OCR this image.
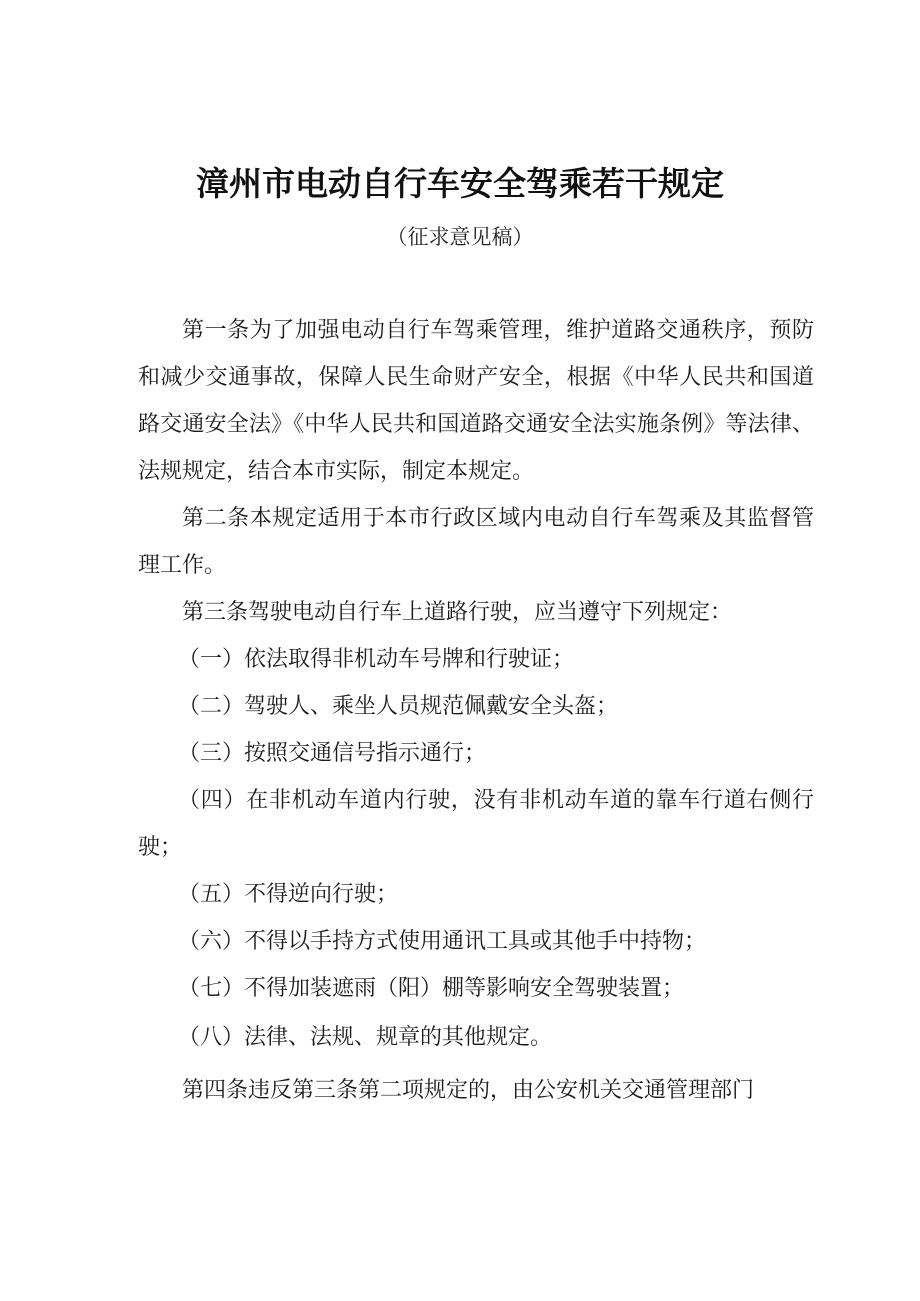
漳州市电动自行车安全驾乘若干规定

（征求意见稿）

第一条为了加强电动自行车驾乘管理，维护道路交通秩序，预防和减少交通事故，保障人民生命财产安全，根据《中华人民共和国道路交通安全法》《中华人民共和国道路交通安全法实施条例》等法律、法规规定，结合本市实际，制定本规定。

第二条本规定适用于本市行政区域内电动自行车驾乘及其监督管理工作。

第三条驾驶电动自行车上道路行驶，应当遵守下列规定：

（一）依法取得非机动车号牌和行驶证；

（二）驾驶人、乘坐人员规范佩戴安全头盔；

（三）按照交通信号指示通行；

（四）在非机动车道内行驶，没有非机动车道的靠车行道右侧行驶；

（五）不得逆向行驶；

（六）不得以手持方式使用通讯工具或其他手中持物；

（七）不得加装遮雨（阳）棚等影响安全驾驶装置；

（八）法律、法规、规章的其他规定。

第四条违反第三条第二项规定的，由公安机关交通管理部门
